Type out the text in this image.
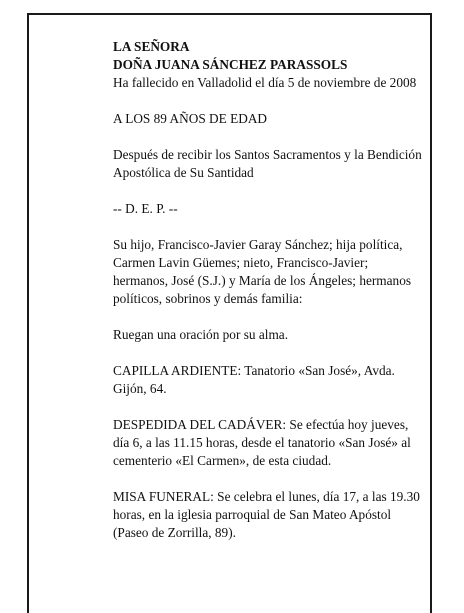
LA SEÑORA
DOÑA JUANA SÁNCHEZ PARASSOLS
Ha fallecido en Valladolid el día 5 de noviembre de 2008

A LOS 89 AÑOS DE EDAD

Después de recibir los Santos Sacramentos y la Bendición Apostólica de Su Santidad

-- D. E. P. --

Su hijo, Francisco-Javier Garay Sánchez; hija política, Carmen Lavin Güemes; nieto, Francisco-Javier; hermanos, José (S.J.) y María de los Ángeles; hermanos políticos, sobrinos y demás familia:

Ruegan una oración por su alma.

CAPILLA ARDIENTE: Tanatorio «San José», Avda. Gijón, 64.

DESPEDIDA DEL CADÁVER: Se efectúa hoy jueves, día 6, a las 11.15 horas, desde el tanatorio «San José» al cementerio «El Carmen», de esta ciudad.

MISA FUNERAL: Se celebra el lunes, día 17, a las 19.30 horas, en la iglesia parroquial de San Mateo Apóstol (Paseo de Zorrilla, 89).
